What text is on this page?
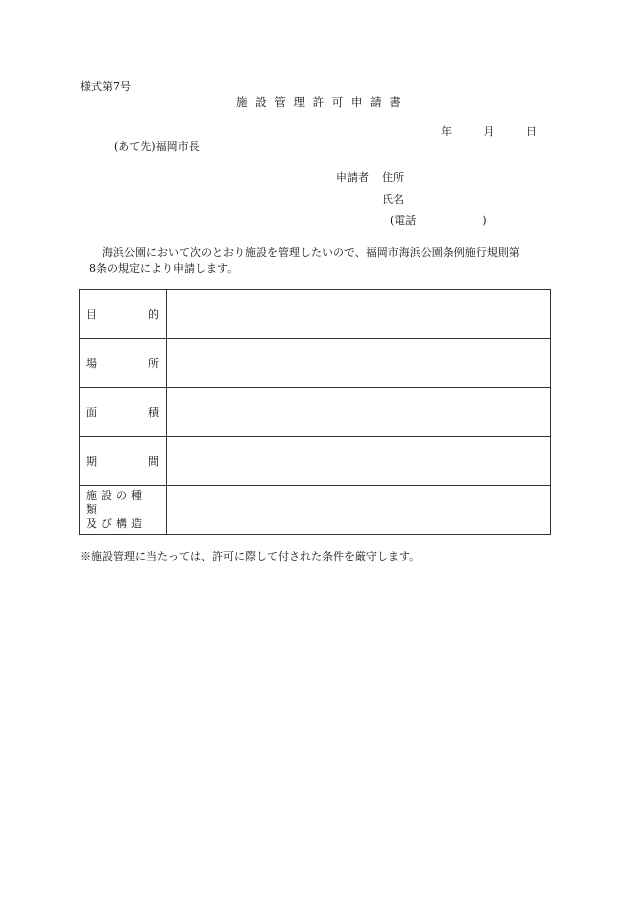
様式第7号
施 設 管 理 許 可 申 請 書
年	月	日
(あて先)福岡市長
申請者 住所
氏名
(電話	)

海浜公園において次のとおり施設を管理したいので、福岡市海浜公園条例施行規則第

8条の規定により申請します。

目 的	

場 所	

面 積	

期 間	

施設の種類
及び構造	

※施設管理に当たっては、許可に際して付された条件を厳守します。
